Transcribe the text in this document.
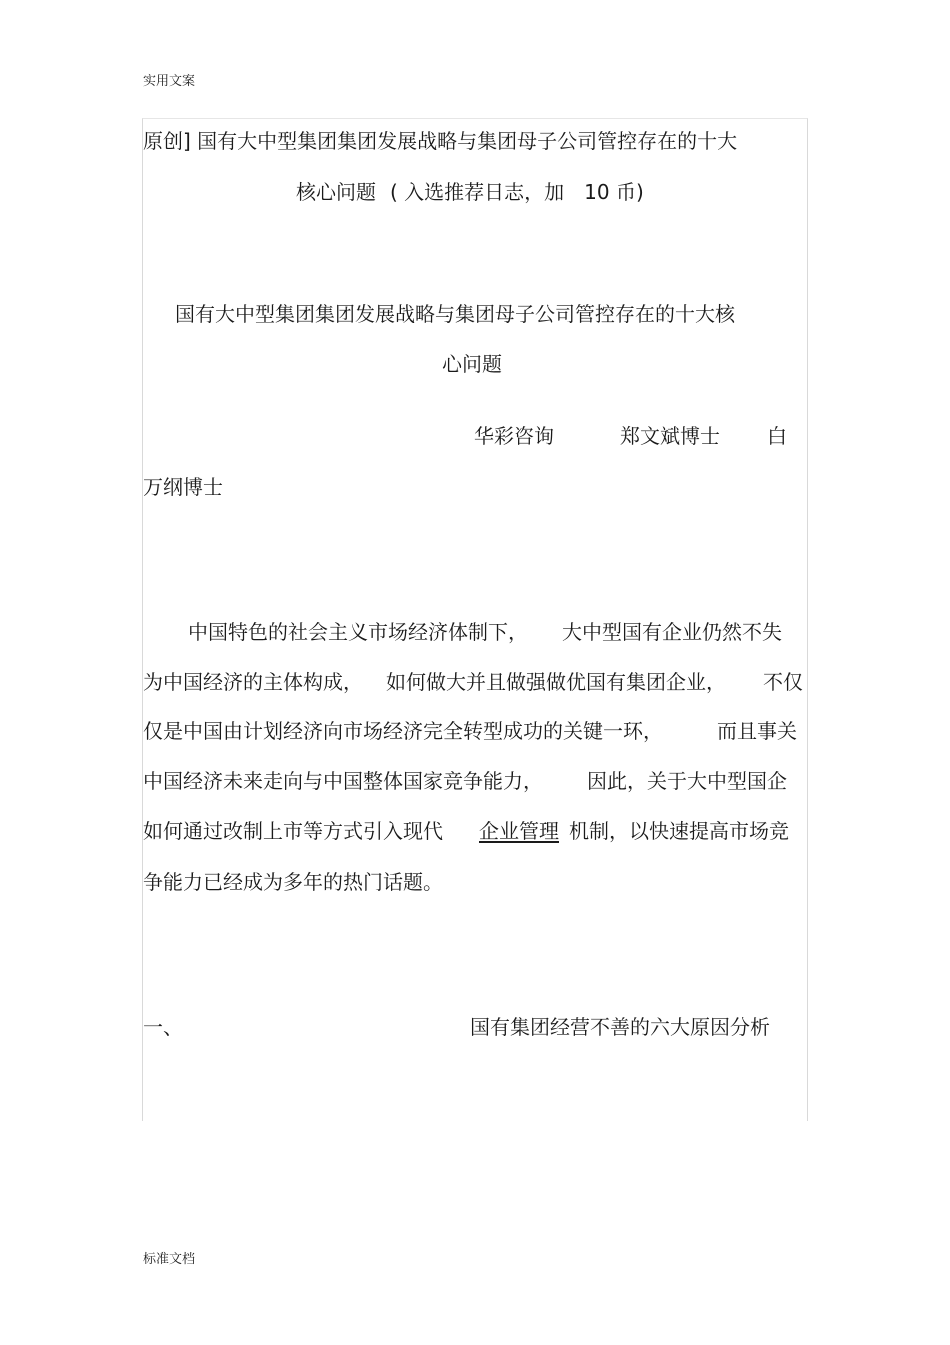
实用文案
原创] 国有大中型集团集团发展战略与集团母子公司管控存在的十大
核心问题 ( 入选推荐日志，加 10 币)
国有大中型集团集团发展战略与集团母子公司管控存在的十大核
心问题
华彩咨询	郑文斌博士 白
万纲博士
中国特色的社会主义市场经济体制下， 大中型国有企业仍然不失
为中国经济的主体构成， 如何做大并且做强做优国有集团企业， 不仅
仅是中国由计划经济向市场经济完全转型成功的关键一环，	而且事关
中国经济未来走向与中国整体国家竞争能力， 因此，关于大中型国企
如何通过改制上市等方式引入现代 企业管理 机制，以快速提高市场竞
争能力已经成为多年的热门话题。
一、	国有集团经营不善的六大原因分析
标准文档
